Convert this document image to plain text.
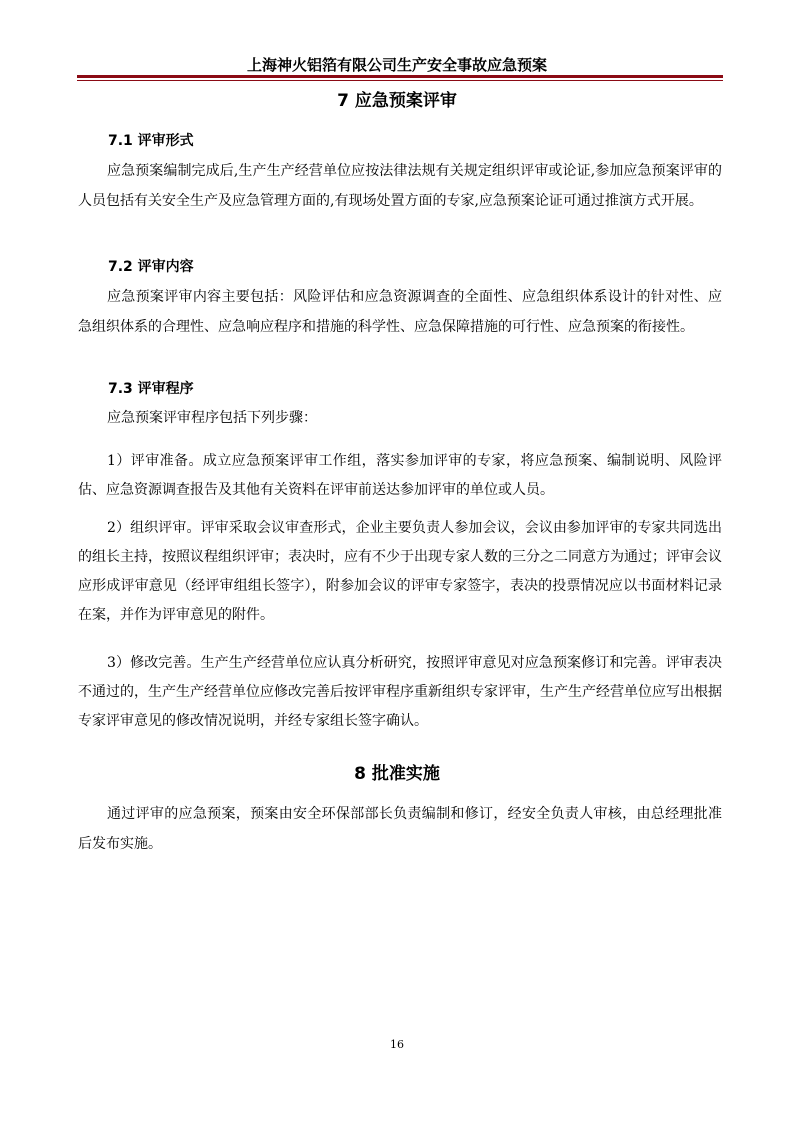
上海神火铝箔有限公司生产安全事故应急预案
7 应急预案评审
7.1 评审形式

应急预案编制完成后,生产生产经营单位应按法律法规有关规定组织评审或论证,参加应急预案评审的人员包括有关安全生产及应急管理方面的,有现场处置方面的专家,应急预案论证可通过推演方式开展。

7.2 评审内容

应急预案评审内容主要包括：风险评估和应急资源调查的全面性、应急组织体系设计的针对性、应急组织体系的合理性、应急响应程序和措施的科学性、应急保障措施的可行性、应急预案的衔接性。

7.3 评审程序

应急预案评审程序包括下列步骤：

1）评审准备。成立应急预案评审工作组，落实参加评审的专家，将应急预案、编制说明、风险评估、应急资源调查报告及其他有关资料在评审前送达参加评审的单位或人员。

2）组织评审。评审采取会议审查形式，企业主要负责人参加会议，会议由参加评审的专家共同选出的组长主持，按照议程组织评审；表决时，应有不少于出现专家人数的三分之二同意方为通过；评审会议应形成评审意见（经评审组组长签字），附参加会议的评审专家签字，表决的投票情况应以书面材料记录在案，并作为评审意见的附件。

3）修改完善。生产生产经营单位应认真分析研究，按照评审意见对应急预案修订和完善。评审表决不通过的，生产生产经营单位应修改完善后按评审程序重新组织专家评审，生产生产经营单位应写出根据专家评审意见的修改情况说明，并经专家组长签字确认。

8 批准实施

通过评审的应急预案，预案由安全环保部部长负责编制和修订，经安全负责人审核，由总经理批准后发布实施。

16
